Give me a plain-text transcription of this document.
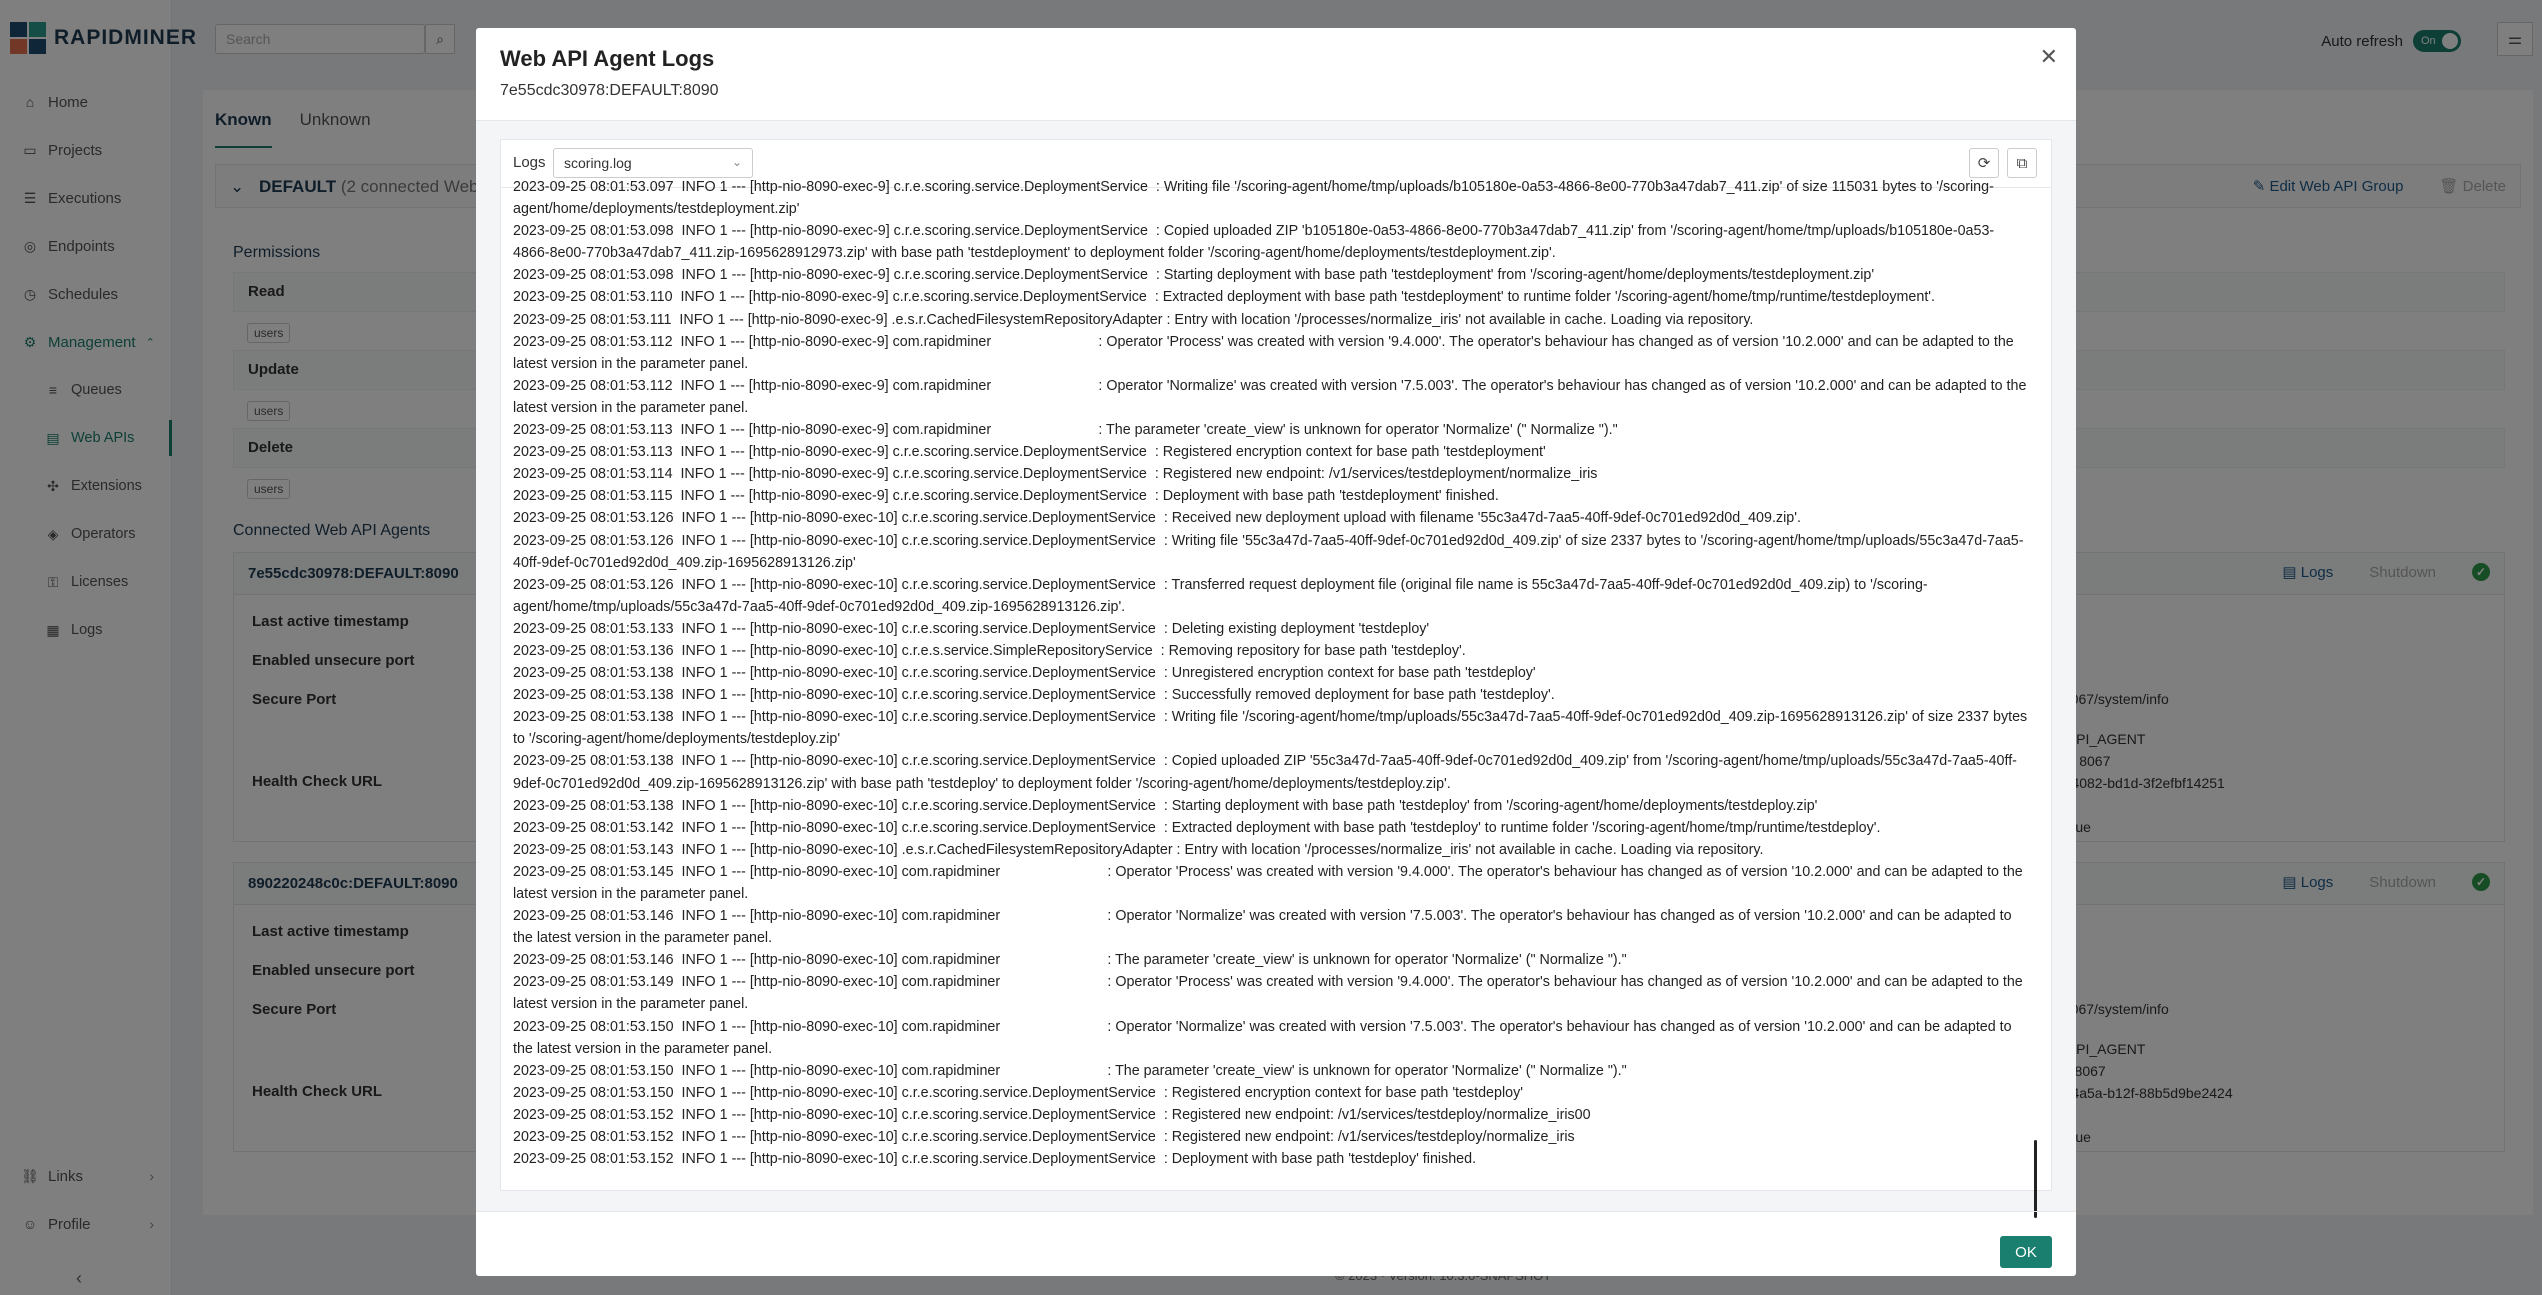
Web API Agent Logs
7e55cdc30978:DEFAULT:8090
✕
Logs	scoring.log	⌄	⟳	⧉
2023-09-25 08:01:53.097  INFO 1 --- [http-nio-8090-exec-9] c.r.e.scoring.service.DeploymentService  : Writing file '/scoring-agent/home/tmp/uploads/b105180e-0a53-4866-8e00-770b3a47dab7_411.zip' of size 115031 bytes to '/scoring-agent/home/deployments/testdeployment.zip'
2023-09-25 08:01:53.098  INFO 1 --- [http-nio-8090-exec-9] c.r.e.scoring.service.DeploymentService  : Copied uploaded ZIP 'b105180e-0a53-4866-8e00-770b3a47dab7_411.zip' from '/scoring-agent/home/tmp/uploads/b105180e-0a53-4866-8e00-770b3a47dab7_411.zip-1695628912973.zip' with base path 'testdeployment' to deployment folder '/scoring-agent/home/deployments/testdeployment.zip'.
2023-09-25 08:01:53.098  INFO 1 --- [http-nio-8090-exec-9] c.r.e.scoring.service.DeploymentService  : Starting deployment with base path 'testdeployment' from '/scoring-agent/home/deployments/testdeployment.zip'
2023-09-25 08:01:53.110  INFO 1 --- [http-nio-8090-exec-9] c.r.e.scoring.service.DeploymentService  : Extracted deployment with base path 'testdeployment' to runtime folder '/scoring-agent/home/tmp/runtime/testdeployment'.
2023-09-25 08:01:53.111  INFO 1 --- [http-nio-8090-exec-9] .e.s.r.CachedFilesystemRepositoryAdapter : Entry with location '/processes/normalize_iris' not available in cache. Loading via repository.
2023-09-25 08:01:53.112  INFO 1 --- [http-nio-8090-exec-9] com.rapidminer                           : Operator 'Process' was created with version '9.4.000'. The operator's behaviour has changed as of version '10.2.000' and can be adapted to the latest version in the parameter panel.
2023-09-25 08:01:53.112  INFO 1 --- [http-nio-8090-exec-9] com.rapidminer                           : Operator 'Normalize' was created with version '7.5.003'. The operator's behaviour has changed as of version '10.2.000' and can be adapted to the latest version in the parameter panel.
2023-09-25 08:01:53.113  INFO 1 --- [http-nio-8090-exec-9] com.rapidminer                           : The parameter 'create_view' is unknown for operator 'Normalize' (" Normalize ")."
2023-09-25 08:01:53.113  INFO 1 --- [http-nio-8090-exec-9] c.r.e.scoring.service.DeploymentService  : Registered encryption context for base path 'testdeployment'
2023-09-25 08:01:53.114  INFO 1 --- [http-nio-8090-exec-9] c.r.e.scoring.service.DeploymentService  : Registered new endpoint: /v1/services/testdeployment/normalize_iris
2023-09-25 08:01:53.115  INFO 1 --- [http-nio-8090-exec-9] c.r.e.scoring.service.DeploymentService  : Deployment with base path 'testdeployment' finished.
2023-09-25 08:01:53.126  INFO 1 --- [http-nio-8090-exec-10] c.r.e.scoring.service.DeploymentService  : Received new deployment upload with filename '55c3a47d-7aa5-40ff-9def-0c701ed92d0d_409.zip'.
2023-09-25 08:01:53.126  INFO 1 --- [http-nio-8090-exec-10] c.r.e.scoring.service.DeploymentService  : Writing file '55c3a47d-7aa5-40ff-9def-0c701ed92d0d_409.zip' of size 2337 bytes to '/scoring-agent/home/tmp/uploads/55c3a47d-7aa5-40ff-9def-0c701ed92d0d_409.zip-1695628913126.zip'
2023-09-25 08:01:53.126  INFO 1 --- [http-nio-8090-exec-10] c.r.e.scoring.service.DeploymentService  : Transferred request deployment file (original file name is 55c3a47d-7aa5-40ff-9def-0c701ed92d0d_409.zip) to '/scoring-agent/home/tmp/uploads/55c3a47d-7aa5-40ff-9def-0c701ed92d0d_409.zip-1695628913126.zip'.
2023-09-25 08:01:53.133  INFO 1 --- [http-nio-8090-exec-10] c.r.e.scoring.service.DeploymentService  : Deleting existing deployment 'testdeploy'
2023-09-25 08:01:53.136  INFO 1 --- [http-nio-8090-exec-10] c.r.e.s.service.SimpleRepositoryService  : Removing repository for base path 'testdeploy'.
2023-09-25 08:01:53.138  INFO 1 --- [http-nio-8090-exec-10] c.r.e.scoring.service.DeploymentService  : Unregistered encryption context for base path 'testdeploy'
2023-09-25 08:01:53.138  INFO 1 --- [http-nio-8090-exec-10] c.r.e.scoring.service.DeploymentService  : Successfully removed deployment for base path 'testdeploy'.
2023-09-25 08:01:53.138  INFO 1 --- [http-nio-8090-exec-10] c.r.e.scoring.service.DeploymentService  : Writing file '/scoring-agent/home/tmp/uploads/55c3a47d-7aa5-40ff-9def-0c701ed92d0d_409.zip-1695628913126.zip' of size 2337 bytes to '/scoring-agent/home/deployments/testdeploy.zip'
2023-09-25 08:01:53.138  INFO 1 --- [http-nio-8090-exec-10] c.r.e.scoring.service.DeploymentService  : Copied uploaded ZIP '55c3a47d-7aa5-40ff-9def-0c701ed92d0d_409.zip' from '/scoring-agent/home/tmp/uploads/55c3a47d-7aa5-40ff-9def-0c701ed92d0d_409.zip-1695628913126.zip' with base path 'testdeploy' to deployment folder '/scoring-agent/home/deployments/testdeploy.zip'.
2023-09-25 08:01:53.138  INFO 1 --- [http-nio-8090-exec-10] c.r.e.scoring.service.DeploymentService  : Starting deployment with base path 'testdeploy' from '/scoring-agent/home/deployments/testdeploy.zip'
2023-09-25 08:01:53.142  INFO 1 --- [http-nio-8090-exec-10] c.r.e.scoring.service.DeploymentService  : Extracted deployment with base path 'testdeploy' to runtime folder '/scoring-agent/home/tmp/runtime/testdeploy'.
2023-09-25 08:01:53.143  INFO 1 --- [http-nio-8090-exec-10] .e.s.r.CachedFilesystemRepositoryAdapter : Entry with location '/processes/normalize_iris' not available in cache. Loading via repository.
2023-09-25 08:01:53.145  INFO 1 --- [http-nio-8090-exec-10] com.rapidminer                           : Operator 'Process' was created with version '9.4.000'. The operator's behaviour has changed as of version '10.2.000' and can be adapted to the latest version in the parameter panel.
2023-09-25 08:01:53.146  INFO 1 --- [http-nio-8090-exec-10] com.rapidminer                           : Operator 'Normalize' was created with version '7.5.003'. The operator's behaviour has changed as of version '10.2.000' and can be adapted to the latest version in the parameter panel.
2023-09-25 08:01:53.146  INFO 1 --- [http-nio-8090-exec-10] com.rapidminer                           : The parameter 'create_view' is unknown for operator 'Normalize' (" Normalize ")."
2023-09-25 08:01:53.149  INFO 1 --- [http-nio-8090-exec-10] com.rapidminer                           : Operator 'Process' was created with version '9.4.000'. The operator's behaviour has changed as of version '10.2.000' and can be adapted to the latest version in the parameter panel.
2023-09-25 08:01:53.150  INFO 1 --- [http-nio-8090-exec-10] com.rapidminer                           : Operator 'Normalize' was created with version '7.5.003'. The operator's behaviour has changed as of version '10.2.000' and can be adapted to the latest version in the parameter panel.
2023-09-25 08:01:53.150  INFO 1 --- [http-nio-8090-exec-10] com.rapidminer                           : The parameter 'create_view' is unknown for operator 'Normalize' (" Normalize ")."
2023-09-25 08:01:53.150  INFO 1 --- [http-nio-8090-exec-10] c.r.e.scoring.service.DeploymentService  : Registered encryption context for base path 'testdeploy'
2023-09-25 08:01:53.152  INFO 1 --- [http-nio-8090-exec-10] c.r.e.scoring.service.DeploymentService  : Registered new endpoint: /v1/services/testdeploy/normalize_iris00
2023-09-25 08:01:53.152  INFO 1 --- [http-nio-8090-exec-10] c.r.e.scoring.service.DeploymentService  : Registered new endpoint: /v1/services/testdeploy/normalize_iris
2023-09-25 08:01:53.152  INFO 1 --- [http-nio-8090-exec-10] c.r.e.scoring.service.DeploymentService  : Deployment with base path 'testdeploy' finished.
OK
